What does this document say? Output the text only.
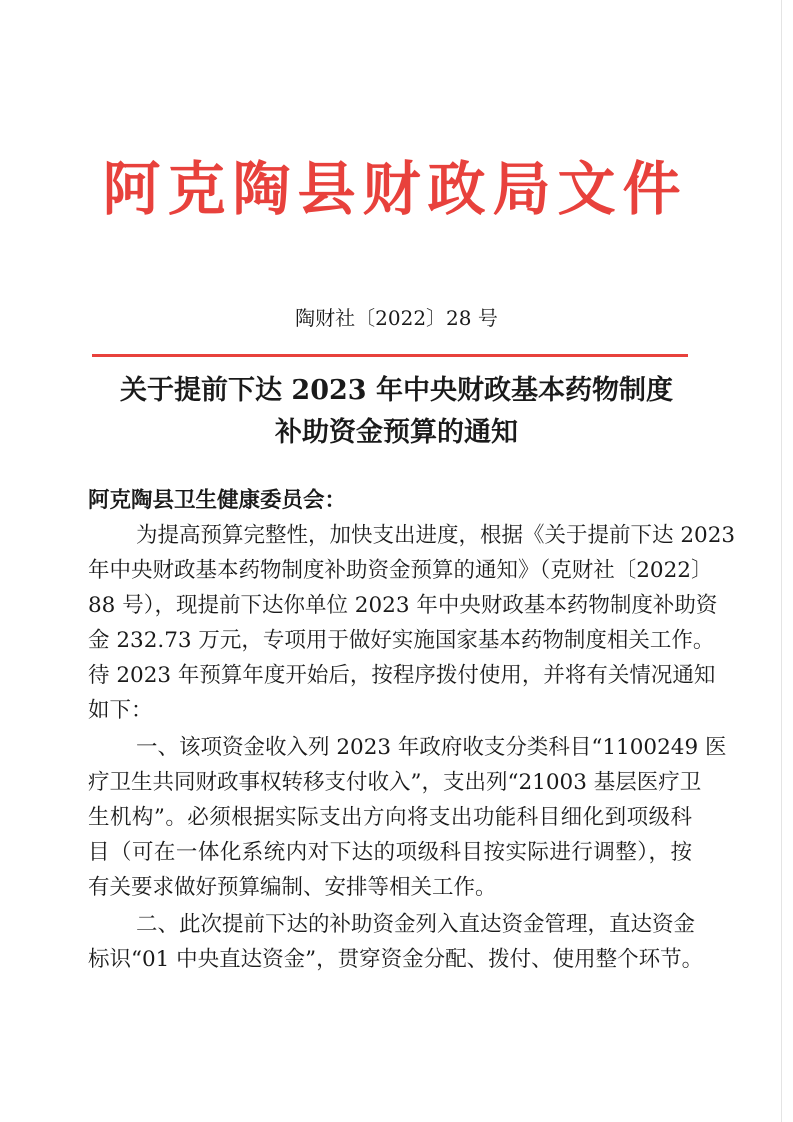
阿克陶县财政局文件
陶财社〔2022〕28 号
关于提前下达 2023 年中央财政基本药物制度
补助资金预算的通知
阿克陶县卫生健康委员会：
为提高预算完整性，加快支出进度，根据《关于提前下达 2023
年中央财政基本药物制度补助资金预算的通知》（克财社〔2022〕
88 号），现提前下达你单位 2023 年中央财政基本药物制度补助资
金 232.73 万元，专项用于做好实施国家基本药物制度相关工作。
待 2023 年预算年度开始后，按程序拨付使用，并将有关情况通知
如下：
一、该项资金收入列 2023 年政府收支分类科目“1100249 医
疗卫生共同财政事权转移支付收入”，支出列“21003 基层医疗卫
生机构”。必须根据实际支出方向将支出功能科目细化到项级科
目（可在一体化系统内对下达的项级科目按实际进行调整），按
有关要求做好预算编制、安排等相关工作。
二、此次提前下达的补助资金列入直达资金管理，直达资金
标识“01 中央直达资金”，贯穿资金分配、拨付、使用整个环节。
